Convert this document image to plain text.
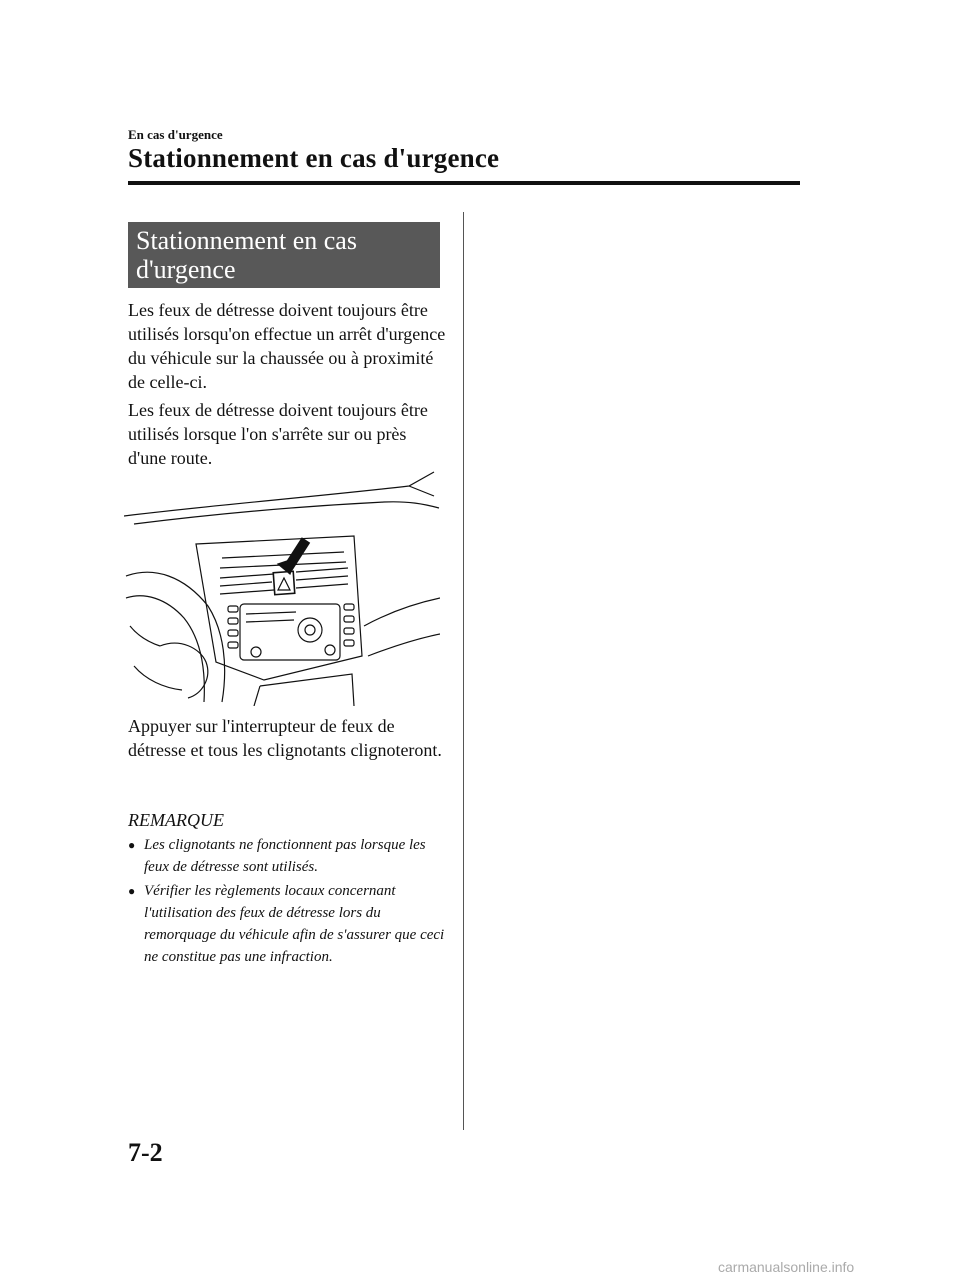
En cas d'urgence
Stationnement en cas d'urgence
Stationnement en cas
d'urgence
Les feux de détresse doivent toujours être utilisés lorsqu'on effectue un arrêt d'urgence du véhicule sur la chaussée ou à proximité de celle-ci.
Les feux de détresse doivent toujours être utilisés lorsque l'on s'arrête sur ou près d'une route.
Appuyer sur l'interrupteur de feux de détresse et tous les clignotants clignoteront.
REMARQUE
● Les clignotants ne fonctionnent pas lorsque les feux de détresse sont utilisés.
● Vérifier les règlements locaux concernant l'utilisation des feux de détresse lors du remorquage du véhicule afin de s'assurer que ceci ne constitue pas une infraction.
7-2
carmanualsonline.info
